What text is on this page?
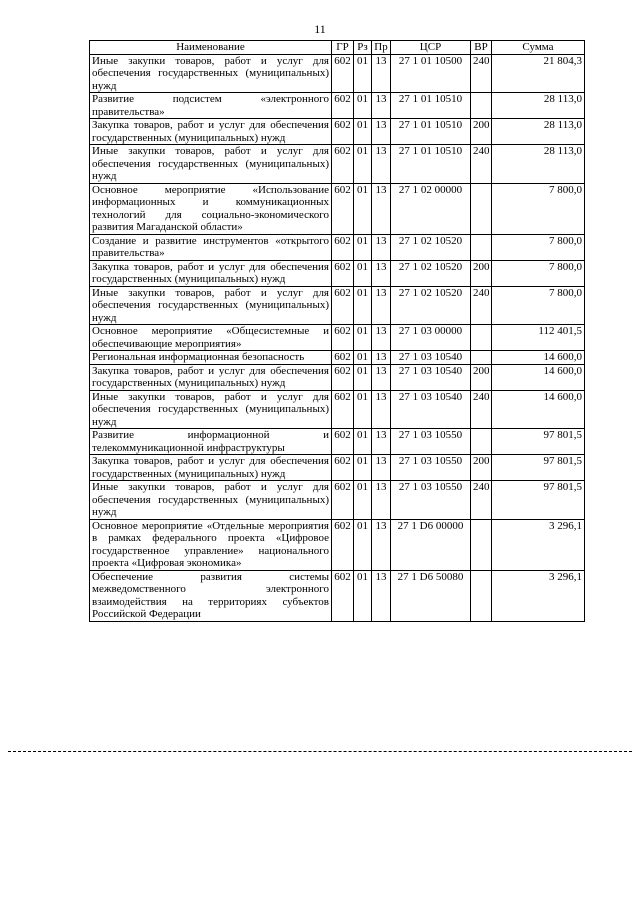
11
Наименование	ГР	Рз	Пр	ЦСР	ВР	Сумма
Иные закупки товаров, работ и услуг для обеспечения государственных (муниципальных) нужд	602	01	13	27 1 01 10500	240	21 804,3
Развитие подсистем «электронного правительства»	602	01	13	27 1 01 10510		28 113,0
Закупка товаров, работ и услуг для обеспечения государственных (муниципальных) нужд	602	01	13	27 1 01 10510	200	28 113,0
Иные закупки товаров, работ и услуг для обеспечения государственных (муниципальных) нужд	602	01	13	27 1 01 10510	240	28 113,0
Основное мероприятие «Использование информационных и коммуникационных технологий для социально-экономического развития Магаданской области»	602	01	13	27 1 02 00000		7 800,0
Создание и развитие инструментов «открытого правительства»	602	01	13	27 1 02 10520		7 800,0
Закупка товаров, работ и услуг для обеспечения государственных (муниципальных) нужд	602	01	13	27 1 02 10520	200	7 800,0
Иные закупки товаров, работ и услуг для обеспечения государственных (муниципальных) нужд	602	01	13	27 1 02 10520	240	7 800,0
Основное мероприятие «Общесистемные и обеспечивающие мероприятия»	602	01	13	27 1 03 00000		112 401,5
Региональная информационная безопасность	602	01	13	27 1 03 10540		14 600,0
Закупка товаров, работ и услуг для обеспечения государственных (муниципальных) нужд	602	01	13	27 1 03 10540	200	14 600,0
Иные закупки товаров, работ и услуг для обеспечения государственных (муниципальных) нужд	602	01	13	27 1 03 10540	240	14 600,0
Развитие информационной и телекоммуникационной инфраструктуры	602	01	13	27 1 03 10550		97 801,5
Закупка товаров, работ и услуг для обеспечения государственных (муниципальных) нужд	602	01	13	27 1 03 10550	200	97 801,5
Иные закупки товаров, работ и услуг для обеспечения государственных (муниципальных) нужд	602	01	13	27 1 03 10550	240	97 801,5
Основное мероприятие «Отдельные мероприятия в рамках федерального проекта «Цифровое государственное управление» национального проекта «Цифровая экономика»	602	01	13	27 1 D6 00000		3 296,1
Обеспечение развития системы межведомственного электронного взаимодействия на территориях субъектов Российской Федерации	602	01	13	27 1 D6 50080		3 296,1
